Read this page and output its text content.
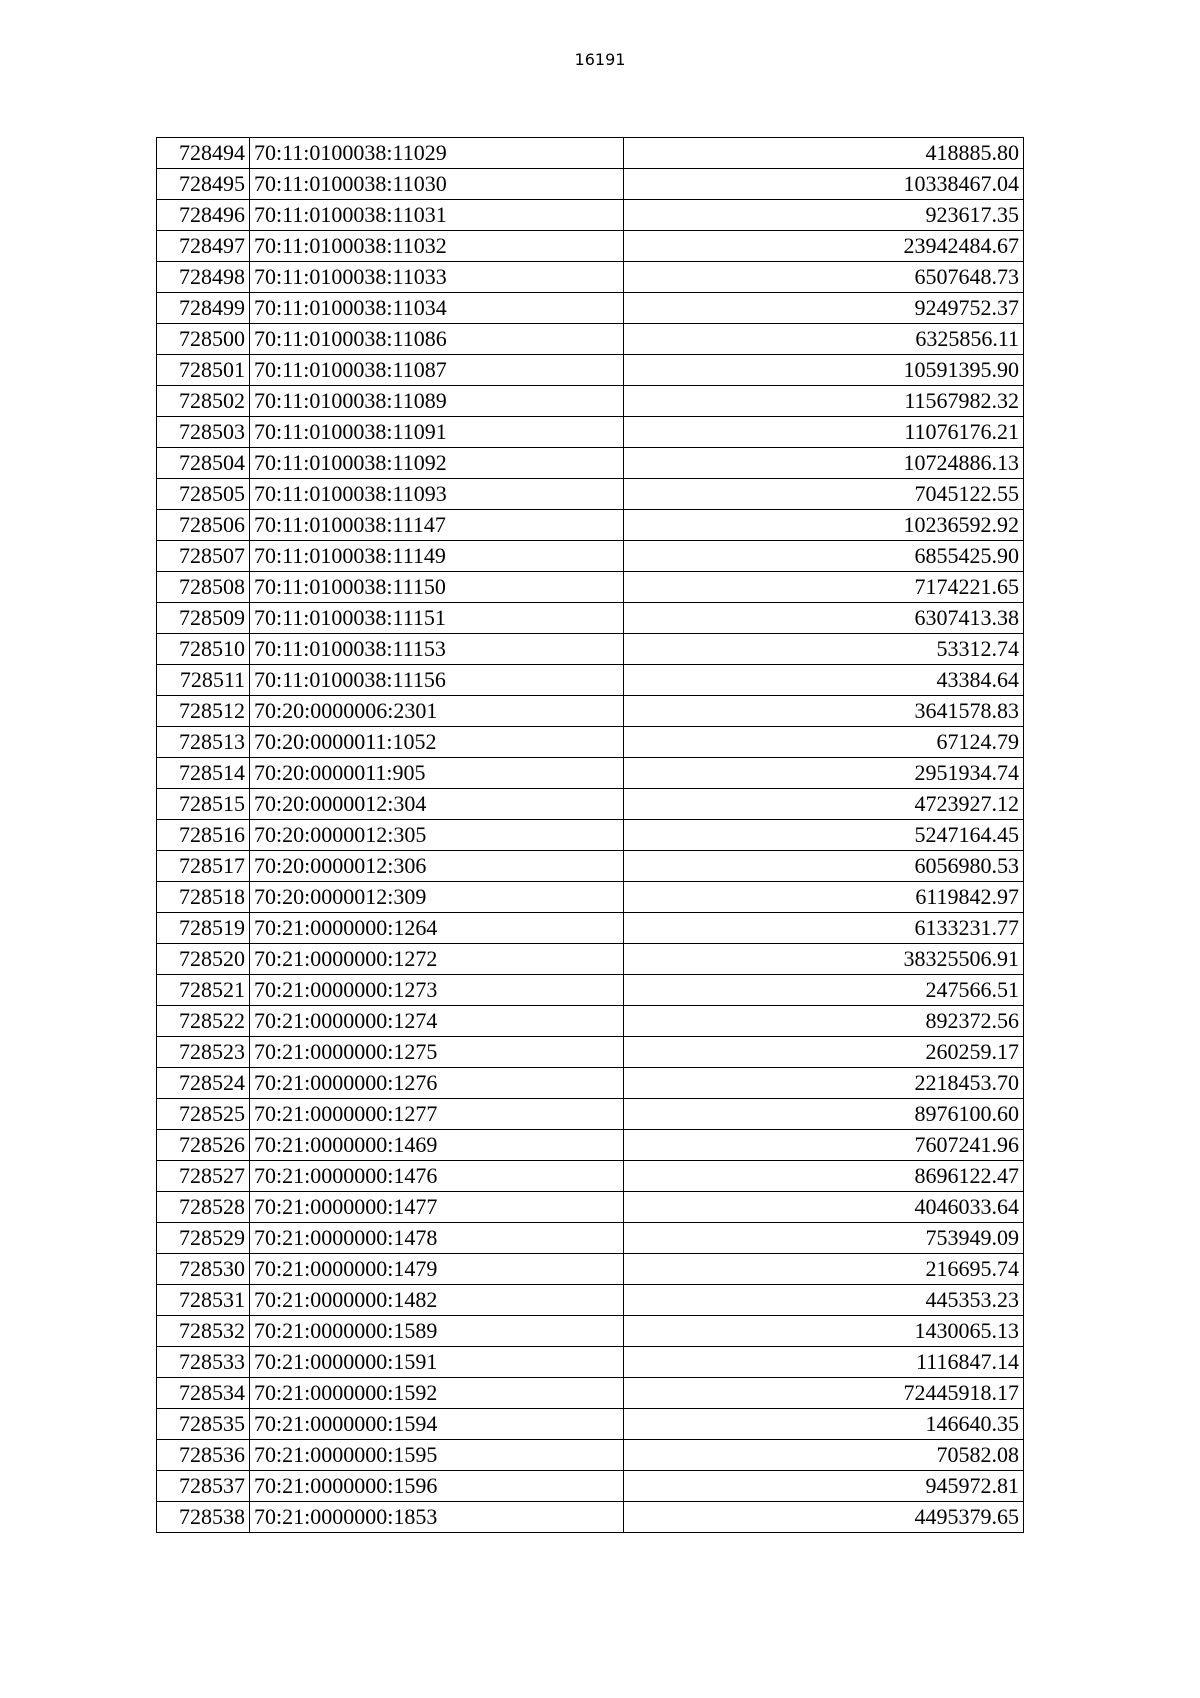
16191
728494	70:11:0100038:11029	418885.80
728495	70:11:0100038:11030	10338467.04
728496	70:11:0100038:11031	923617.35
728497	70:11:0100038:11032	23942484.67
728498	70:11:0100038:11033	6507648.73
728499	70:11:0100038:11034	9249752.37
728500	70:11:0100038:11086	6325856.11
728501	70:11:0100038:11087	10591395.90
728502	70:11:0100038:11089	11567982.32
728503	70:11:0100038:11091	11076176.21
728504	70:11:0100038:11092	10724886.13
728505	70:11:0100038:11093	7045122.55
728506	70:11:0100038:11147	10236592.92
728507	70:11:0100038:11149	6855425.90
728508	70:11:0100038:11150	7174221.65
728509	70:11:0100038:11151	6307413.38
728510	70:11:0100038:11153	53312.74
728511	70:11:0100038:11156	43384.64
728512	70:20:0000006:2301	3641578.83
728513	70:20:0000011:1052	67124.79
728514	70:20:0000011:905	2951934.74
728515	70:20:0000012:304	4723927.12
728516	70:20:0000012:305	5247164.45
728517	70:20:0000012:306	6056980.53
728518	70:20:0000012:309	6119842.97
728519	70:21:0000000:1264	6133231.77
728520	70:21:0000000:1272	38325506.91
728521	70:21:0000000:1273	247566.51
728522	70:21:0000000:1274	892372.56
728523	70:21:0000000:1275	260259.17
728524	70:21:0000000:1276	2218453.70
728525	70:21:0000000:1277	8976100.60
728526	70:21:0000000:1469	7607241.96
728527	70:21:0000000:1476	8696122.47
728528	70:21:0000000:1477	4046033.64
728529	70:21:0000000:1478	753949.09
728530	70:21:0000000:1479	216695.74
728531	70:21:0000000:1482	445353.23
728532	70:21:0000000:1589	1430065.13
728533	70:21:0000000:1591	1116847.14
728534	70:21:0000000:1592	72445918.17
728535	70:21:0000000:1594	146640.35
728536	70:21:0000000:1595	70582.08
728537	70:21:0000000:1596	945972.81
728538	70:21:0000000:1853	4495379.65
